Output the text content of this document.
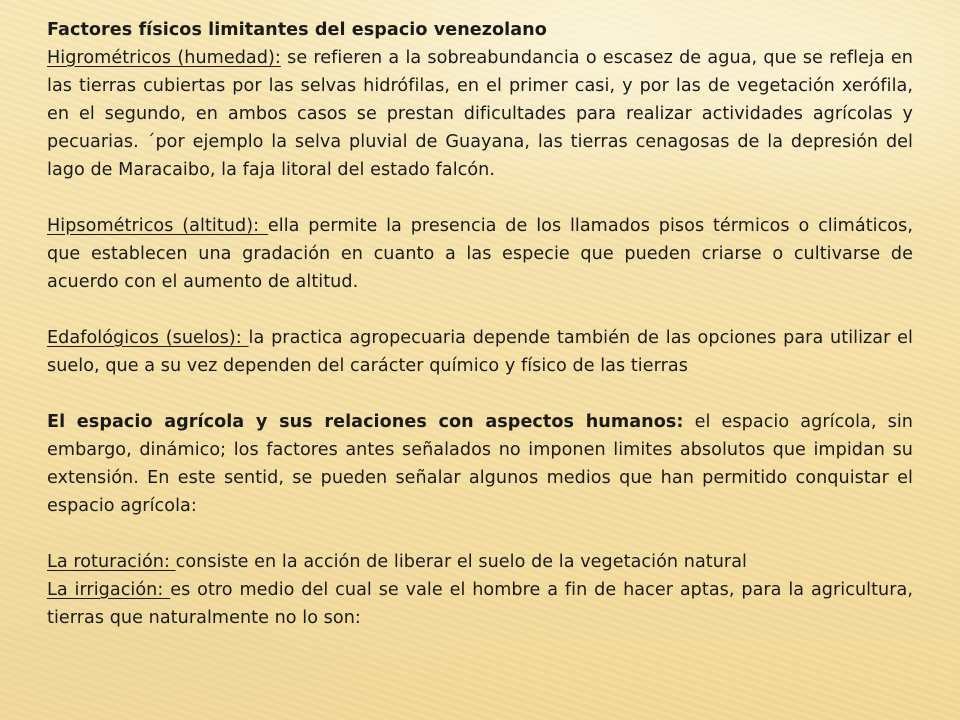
Factores físicos limitantes del espacio venezolano

Higrométricos (humedad): se refieren a la sobreabundancia o escasez de agua, que se refleja en las tierras cubiertas por las selvas hidrófilas, en el primer casi, y por las de vegetación xerófila, en el segundo, en ambos casos se prestan dificultades para realizar actividades agrícolas y pecuarias. ´por ejemplo la selva pluvial de Guayana, las tierras cenagosas de la depresión del lago de Maracaibo, la faja litoral del estado falcón.

Hipsométricos (altitud): ella permite la presencia de los llamados pisos térmicos o climáticos, que establecen una gradación en cuanto a las especie que pueden criarse o cultivarse de acuerdo con el aumento de altitud.

Edafológicos (suelos): la practica agropecuaria depende también de las opciones para utilizar el suelo, que a su vez dependen del carácter químico y físico de las tierras

El espacio agrícola y sus relaciones con aspectos humanos: el espacio agrícola, sin embargo, dinámico; los factores antes señalados no imponen limites absolutos que impidan su extensión. En este sentid, se pueden señalar algunos medios que han permitido conquistar el espacio agrícola:

La roturación: consiste en la acción de liberar el suelo de la vegetación natural

La irrigación: es otro medio del cual se vale el hombre a fin de hacer aptas, para la agricultura, tierras que naturalmente no lo son:
